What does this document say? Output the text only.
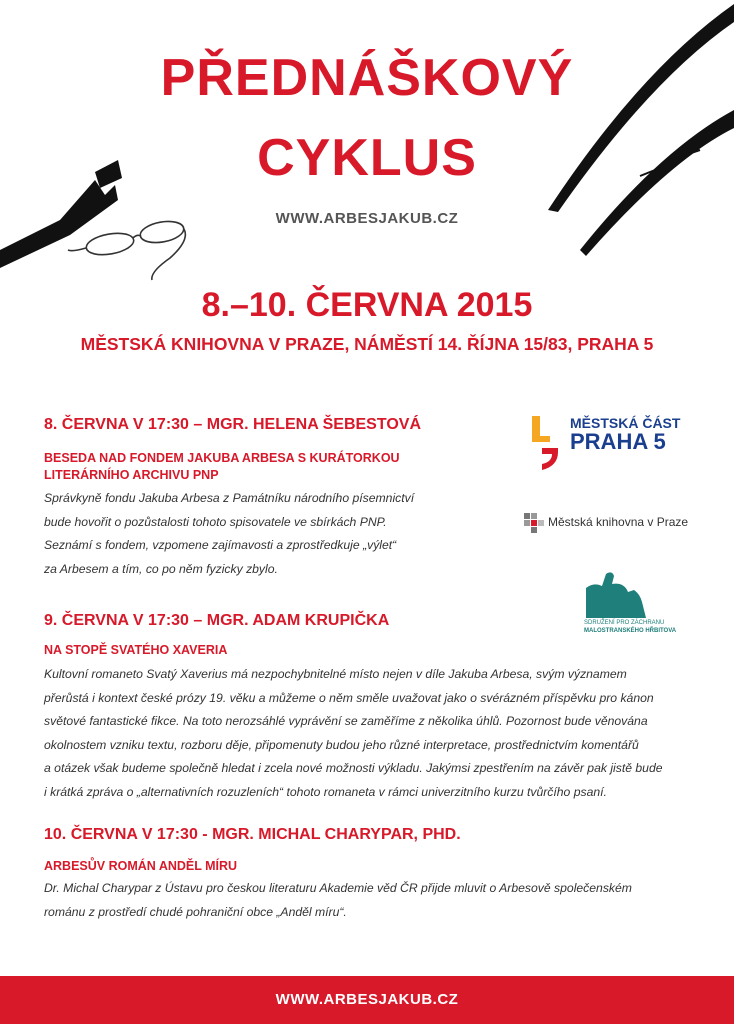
PŘEDNÁŠKOVÝ
CYKLUS
WWW.ARBESJAKUB.CZ
8.–10. ČERVNA 2015
MĚSTSKÁ KNIHOVNA V PRAZE, NÁMĚSTÍ 14. ŘÍJNA 15/83, PRAHA 5
8. ČERVNA V 17:30 – MGR. HELENA ŠEBESTOVÁ
BESEDA NAD FONDEM JAKUBA ARBESA S KURÁTORKOU
LITERÁRNÍHO ARCHIVU PNP
Správkyně fondu Jakuba Arbesa z Památníku národního písemnictví
bude hovořit o pozůstalosti tohoto spisovatele ve sbírkách PNP.
Seznámí s fondem, vzpomene zajímavosti a zprostředkuje „výlet“
za Arbesem a tím, co po něm fyzicky zbylo.
9. ČERVNA V 17:30 – MGR. ADAM KRUPIČKA
NA STOPĚ SVATÉHO XAVERIA
Kultovní romaneto Svatý Xaverius má nezpochybnitelné místo nejen v díle Jakuba Arbesa, svým významem
přerůstá i kontext české prózy 19. věku a můžeme o něm směle uvažovat jako o svérázném příspěvku pro kánon
světové fantastické fikce. Na toto nerozsáhlé vyprávění se zaměříme z několika úhlů. Pozornost bude věnována
okolnostem vzniku textu, rozboru děje, připomenuty budou jeho různé interpretace, prostřednictvím komentářů
a otázek však budeme společně hledat i zcela nové možnosti výkladu. Jakýmsi zpestřením na závěr pak jistě bude
i krátká zpráva o „alternativních rozuzleních“ tohoto romaneta v rámci univerzitního kurzu tvůrčího psaní.
10. ČERVNA V 17:30 - MGR. MICHAL CHARYPAR, PHD.
ARBESŮV ROMÁN ANDĚL MÍRU
Dr. Michal Charypar z Ústavu pro českou literaturu Akademie věd ČR přijde mluvit o Arbesově společenském
románu z prostředí chudé pohraniční obce „Anděl míru“.
MĚSTSKÁ ČÁST
PRAHA 5
Městská knihovna v Praze
SDRUŽENÍ PRO ZÁCHRANU
MALOSTRANSKÉHO HŘBITOVA
WWW.ARBESJAKUB.CZ
